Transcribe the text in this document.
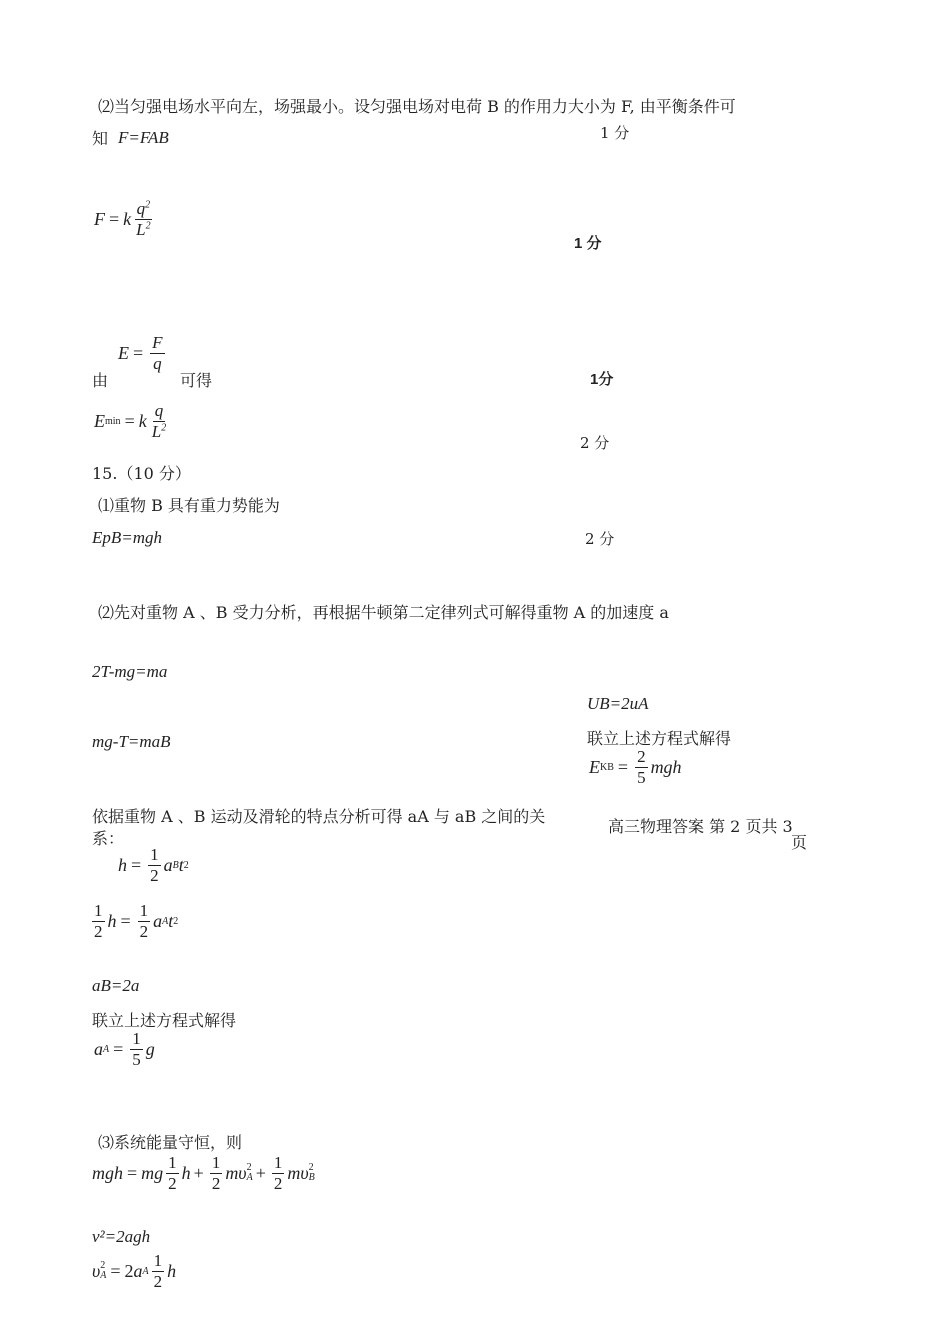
⑵当匀强电场水平向左，场强最小。设匀强电场对电荷 B 的作用力大小为 F, 由平衡条件可
知 F=FAB	1 分
F = k $\frac{q^2}{L^2}$
1 分
由
$E = \frac{F}{q}$
可得	1分
E min = k $\frac{q}{L^2}$
2 分
15.（10 分）
⑴重物 B 具有重力势能为
EpB=mgh	2 分
⑵先对重物 A 、B 受力分析，再根据牛顿第二定律列式可解得重物 A 的加速度 a
2T-mg=ma
mg-T=maB
依据重物 A 、B 运动及滑轮的特点分析可得 aA 与 aB 之间的关系：
$h = \frac{1}{2}$ a B t 2
$\frac{1}{2}$ $h = \frac{1}{2}$ a A t 2
aB=2a
联立上述方程式解得
a $A = \frac{1}{5}$ g
⑶系统能量守恒，则
mgh = mg $\frac{1}{2}$ $h + \frac{1}{2}$ mυ 2
$A + \frac{1}{2}$ mυ 2
B
v²=2agh
υ 2
A = 2 a A $\frac{1}{2}$ h
UB=2uA
联立上述方程式解得
E KB = $\frac{2}{5}$ mgh
高三物理答案 第 2 页共 3
页
